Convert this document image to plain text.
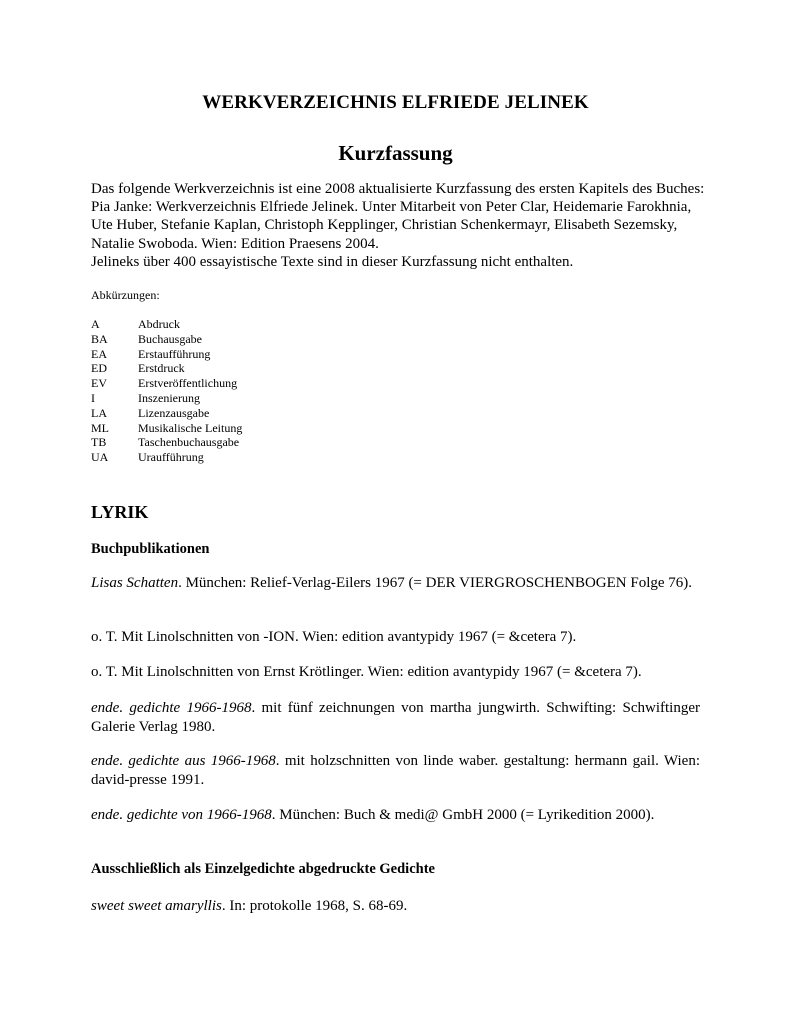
WERKVERZEICHNIS ELFRIEDE JELINEK
Kurzfassung

Das folgende Werkverzeichnis ist eine 2008 aktualisierte Kurzfassung des ersten Kapitels des Buches: Pia Janke: Werkverzeichnis Elfriede Jelinek. Unter Mitarbeit von Peter Clar, Heidemarie Farokhnia, Ute Huber, Stefanie Kaplan, Christoph Kepplinger, Christian Schenkermayr, Elisabeth Sezemsky, Natalie Swoboda. Wien: Edition Praesens 2004.

Jelineks über 400 essayistische Texte sind in dieser Kurzfassung nicht enthalten.

Abkürzungen:
A	Abdruck
BA	Buchausgabe
EA	Erstaufführung
ED	Erstdruck
EV	Erstveröffentlichung
I	Inszenierung
LA	Lizenzausgabe
ML	Musikalische Leitung
TB	Taschenbuchausgabe
UA	Uraufführung
LYRIK
Buchpublikationen

Lisas Schatten. München: Relief-Verlag-Eilers 1967 (= DER VIERGROSCHENBOGEN Folge 76).

o. T. Mit Linolschnitten von -ION. Wien: edition avantypidy 1967 (= &cetera 7).

o. T. Mit Linolschnitten von Ernst Krötlinger. Wien: edition avantypidy 1967 (= &cetera 7).

ende. gedichte 1966-1968. mit fünf zeichnungen von martha jungwirth. Schwifting: Schwiftinger Galerie Verlag 1980.

ende. gedichte aus 1966-1968. mit holzschnitten von linde waber. gestaltung: hermann gail. Wien: david-presse 1991.

ende. gedichte von 1966-1968. München: Buch & medi@ GmbH 2000 (= Lyrikedition 2000).

Ausschließlich als Einzelgedichte abgedruckte Gedichte

sweet sweet amaryllis. In: protokolle 1968, S. 68-69.
